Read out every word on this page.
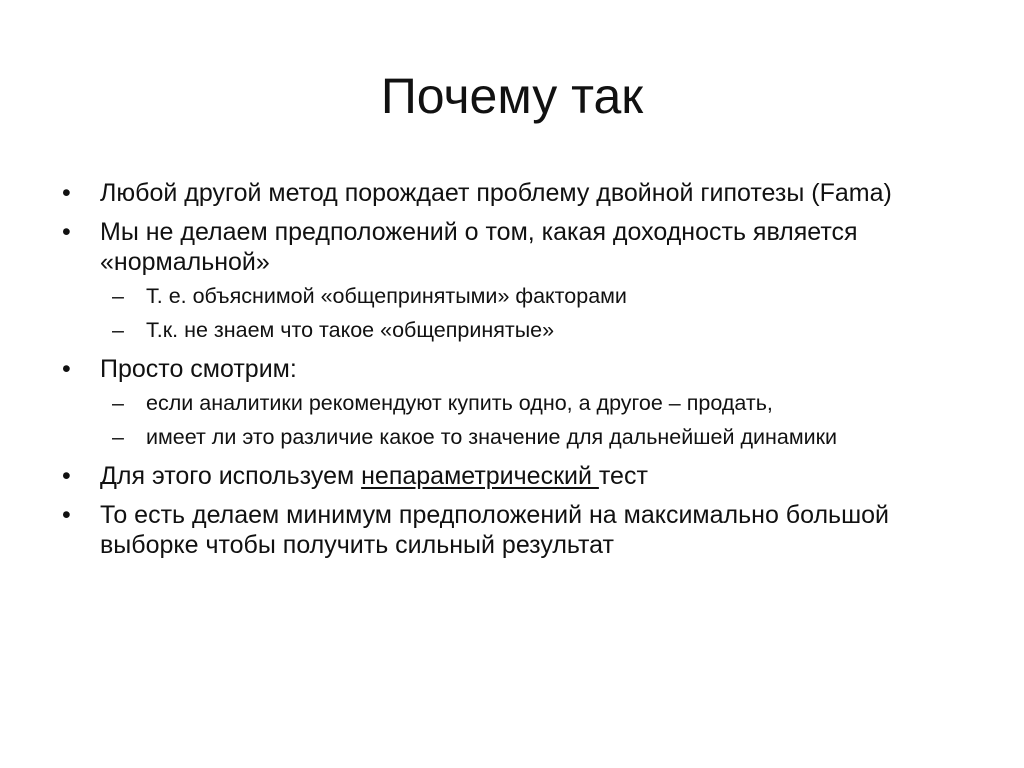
Почему так
•	Любой другой метод порождает проблему двойной гипотезы (Fama)
•	Мы не делаем предположений о том, какая доходность является «нормальной»
–	Т. е. объяснимой «общепринятыми» факторами
–	Т.к. не знаем что такое «общепринятые»
•	Просто смотрим:
–	если аналитики рекомендуют купить одно, а другое – продать,
–	имеет ли это различие какое то значение для дальнейшей динамики
•	Для этого используем непараметрический тест
•	То есть делаем минимум предположений на максимально большой выборке чтобы получить сильный результат
